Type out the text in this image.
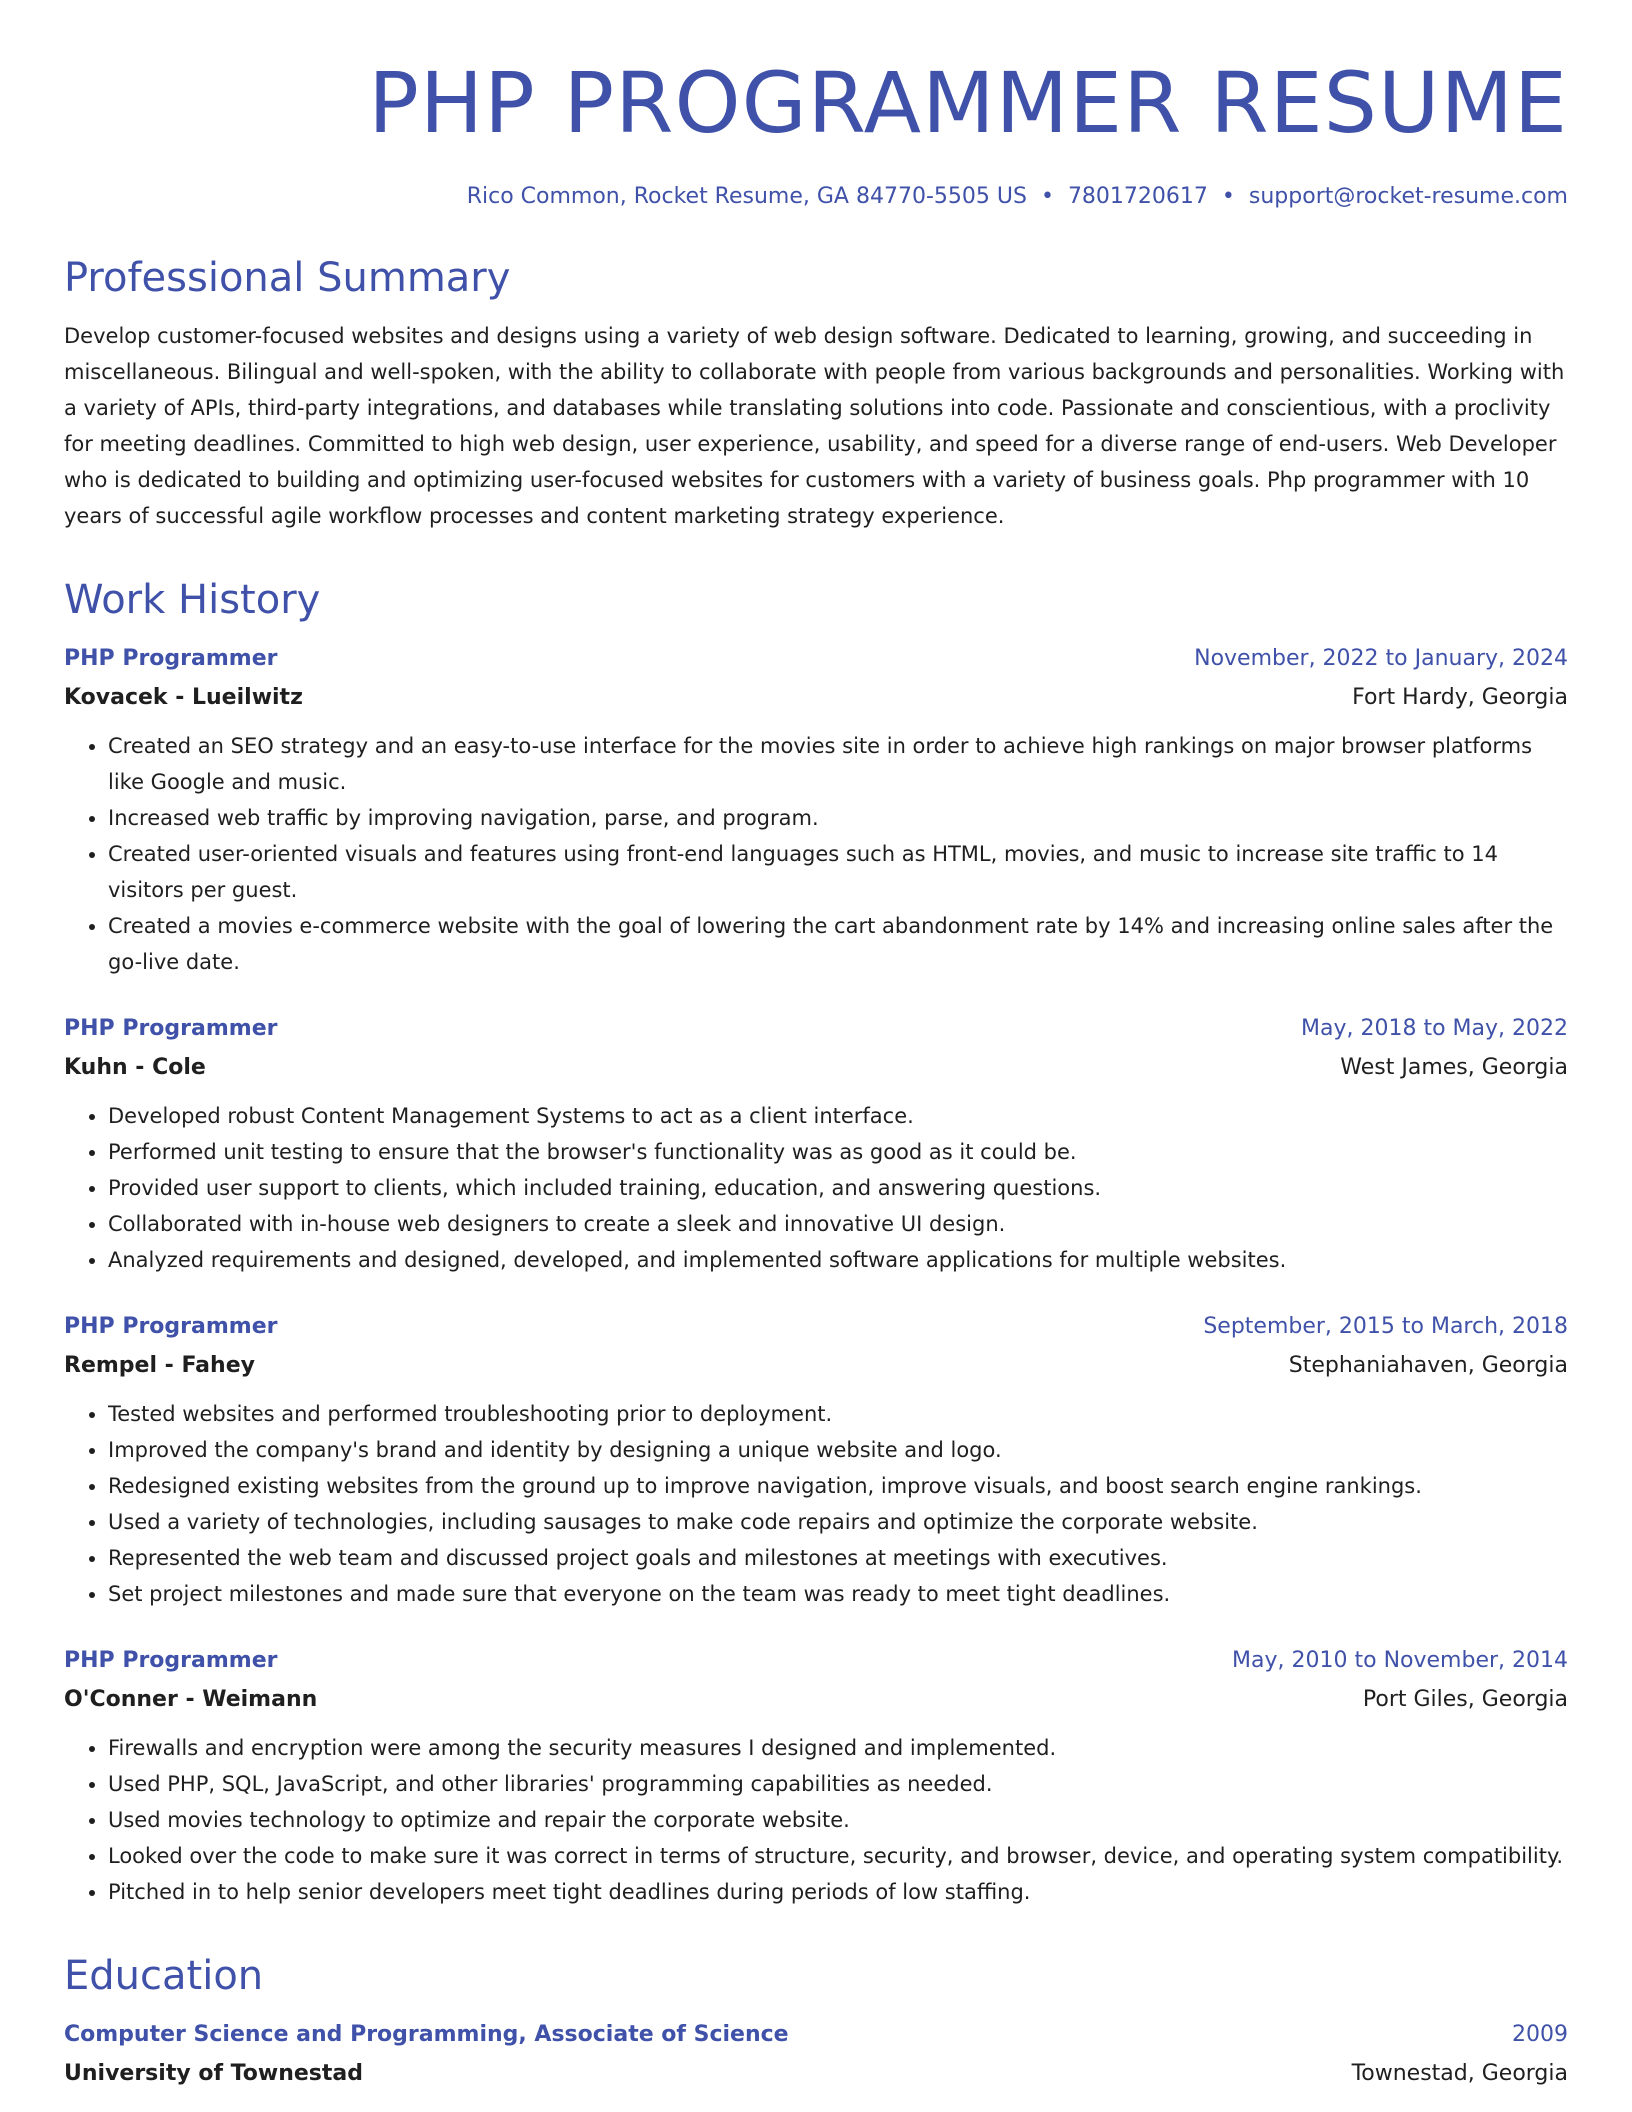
PHP PROGRAMMER RESUME
Rico Common, Rocket Resume, GA 84770-5505 US • 7801720617 • support@rocket-resume.com
Professional Summary

Develop customer-focused websites and designs using a variety of web design software. Dedicated to learning, growing, and succeeding in miscellaneous. Bilingual and well-spoken, with the ability to collaborate with people from various backgrounds and personalities. Working with a variety of APIs, third-party integrations, and databases while translating solutions into code. Passionate and conscientious, with a proclivity for meeting deadlines. Committed to high web design, user experience, usability, and speed for a diverse range of end-users. Web Developer who is dedicated to building and optimizing user-focused websites for customers with a variety of business goals. Php programmer with 10 years of successful agile workflow processes and content marketing strategy experience.

Work History
PHP Programmer	November, 2022 to January, 2024
Kovacek - Lueilwitz	Fort Hardy, Georgia
• Created an SEO strategy and an easy-to-use interface for the movies site in order to achieve high rankings on major browser platforms like Google and music.
• Increased web traffic by improving navigation, parse, and program.
• Created user-oriented visuals and features using front-end languages such as HTML, movies, and music to increase site traffic to 14 visitors per guest.
• Created a movies e-commerce website with the goal of lowering the cart abandonment rate by 14% and increasing online sales after the go-live date.
PHP Programmer	May, 2018 to May, 2022
Kuhn - Cole	West James, Georgia
• Developed robust Content Management Systems to act as a client interface.
• Performed unit testing to ensure that the browser's functionality was as good as it could be.
• Provided user support to clients, which included training, education, and answering questions.
• Collaborated with in-house web designers to create a sleek and innovative UI design.
• Analyzed requirements and designed, developed, and implemented software applications for multiple websites.
PHP Programmer	September, 2015 to March, 2018
Rempel - Fahey	Stephaniahaven, Georgia
• Tested websites and performed troubleshooting prior to deployment.
• Improved the company's brand and identity by designing a unique website and logo.
• Redesigned existing websites from the ground up to improve navigation, improve visuals, and boost search engine rankings.
• Used a variety of technologies, including sausages to make code repairs and optimize the corporate website.
• Represented the web team and discussed project goals and milestones at meetings with executives.
• Set project milestones and made sure that everyone on the team was ready to meet tight deadlines.
PHP Programmer	May, 2010 to November, 2014
O'Conner - Weimann	Port Giles, Georgia
• Firewalls and encryption were among the security measures I designed and implemented.
• Used PHP, SQL, JavaScript, and other libraries' programming capabilities as needed.
• Used movies technology to optimize and repair the corporate website.
• Looked over the code to make sure it was correct in terms of structure, security, and browser, device, and operating system compatibility.
• Pitched in to help senior developers meet tight deadlines during periods of low staffing.
Education
Computer Science and Programming, Associate of Science	2009
University of Townestad	Townestad, Georgia
